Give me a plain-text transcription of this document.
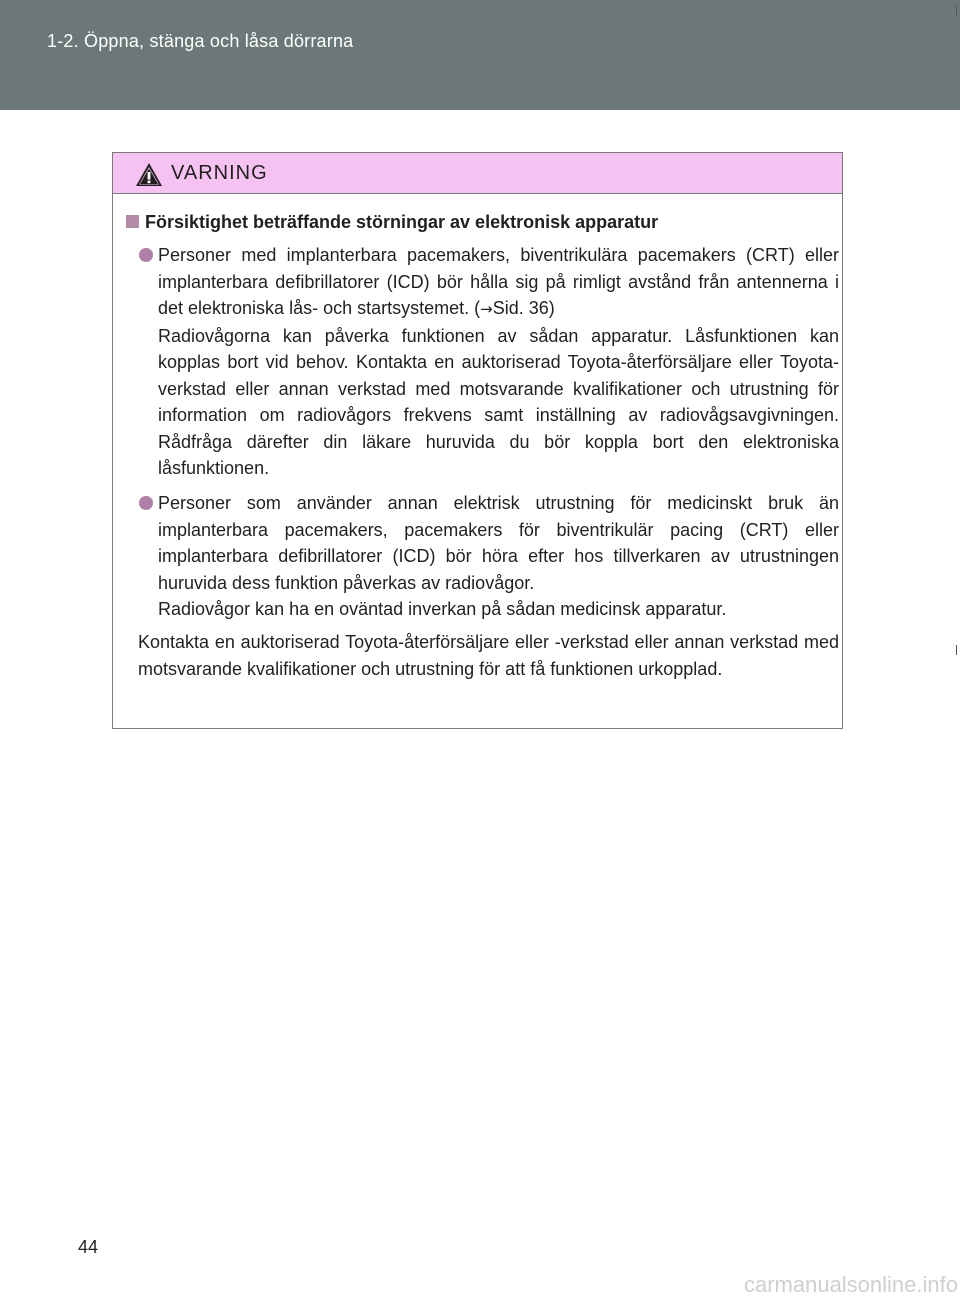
1-2. Öppna, stänga och låsa dörrarna
VARNING
Försiktighet beträffande störningar av elektronisk apparatur

Personer med implanterbara pacemakers, biventrikulära pacemakers (CRT) eller implanterbara defibrillatorer (ICD) bör hålla sig på rimligt avstånd från antennerna i det elektroniska lås- och startsystemet. (→Sid. 36)

Radiovågorna kan påverka funktionen av sådan apparatur. Låsfunktionen kan kopplas bort vid behov. Kontakta en auktoriserad Toyota-återförsäljare eller Toyota-verkstad eller annan verkstad med motsvarande kvalifikationer och utrustning för information om radiovågors frekvens samt inställning av radiovågsavgivningen. Rådfråga därefter din läkare huruvida du bör koppla bort den elektroniska låsfunktionen.

Personer som använder annan elektrisk utrustning för medicinskt bruk än implanterbara pacemakers, pacemakers för biventrikulär pacing (CRT) eller implanterbara defibrillatorer (ICD) bör höra efter hos tillverkaren av utrustningen huruvida dess funktion påverkas av radiovågor.

Radiovågor kan ha en oväntad inverkan på sådan medicinsk apparatur.

Kontakta en auktoriserad Toyota-återförsäljare eller -verkstad eller annan verkstad med motsvarande kvalifikationer och utrustning för att få funktionen urkopplad.
44
carmanualsonline.info
